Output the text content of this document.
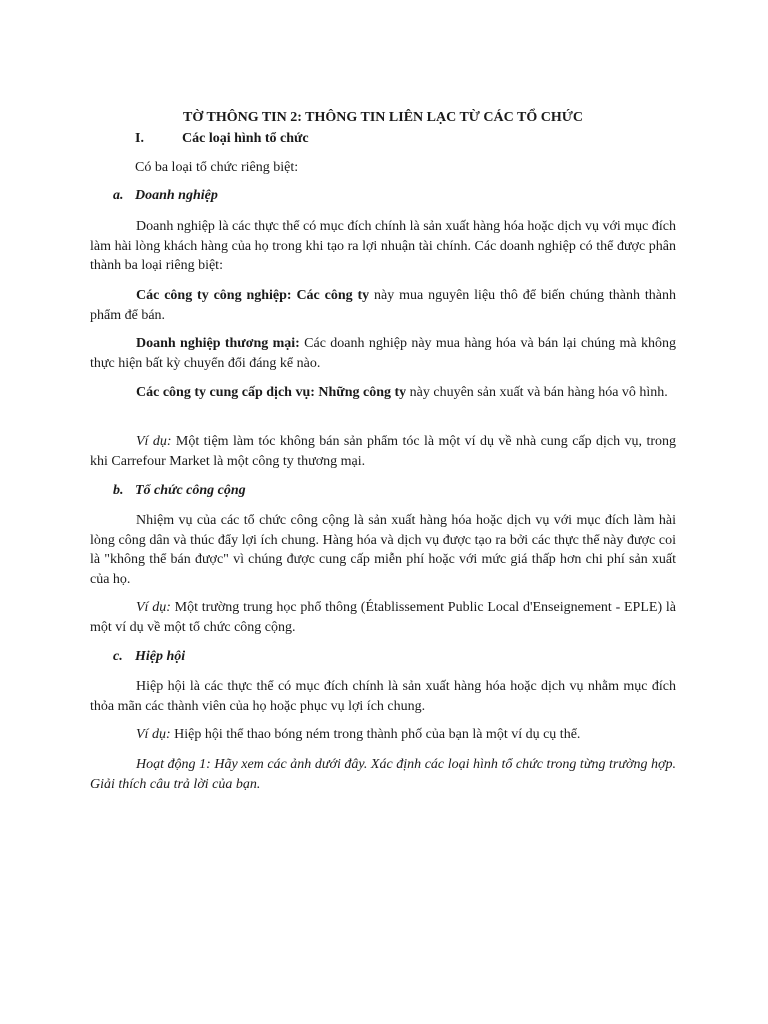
TỜ THÔNG TIN 2: THÔNG TIN LIÊN LẠC TỪ CÁC TỔ CHỨC

I.	Các loại hình tổ chức

Có ba loại tổ chức riêng biệt:

a. Doanh nghiệp

Doanh nghiệp là các thực thể có mục đích chính là sản xuất hàng hóa hoặc dịch vụ với mục đích làm hài lòng khách hàng của họ trong khi tạo ra lợi nhuận tài chính. Các doanh nghiệp có thể được phân thành ba loại riêng biệt:

Các công ty công nghiệp: Các công ty này mua nguyên liệu thô để biến chúng thành thành phẩm để bán.

Doanh nghiệp thương mại: Các doanh nghiệp này mua hàng hóa và bán lại chúng mà không thực hiện bất kỳ chuyển đổi đáng kể nào.

Các công ty cung cấp dịch vụ: Những công ty này chuyên sản xuất và bán hàng hóa vô hình.

Ví dụ: Một tiệm làm tóc không bán sản phẩm tóc là một ví dụ về nhà cung cấp dịch vụ, trong khi Carrefour Market là một công ty thương mại.

b. Tổ chức công cộng

Nhiệm vụ của các tổ chức công cộng là sản xuất hàng hóa hoặc dịch vụ với mục đích làm hài lòng công dân và thúc đẩy lợi ích chung. Hàng hóa và dịch vụ được tạo ra bởi các thực thể này được coi là "không thể bán được" vì chúng được cung cấp miễn phí hoặc với mức giá thấp hơn chi phí sản xuất của họ.

Ví dụ: Một trường trung học phổ thông (Établissement Public Local d'Enseignement - EPLE) là một ví dụ về một tổ chức công cộng.

c. Hiệp hội

Hiệp hội là các thực thể có mục đích chính là sản xuất hàng hóa hoặc dịch vụ nhằm mục đích thỏa mãn các thành viên của họ hoặc phục vụ lợi ích chung.

Ví dụ: Hiệp hội thể thao bóng ném trong thành phố của bạn là một ví dụ cụ thể.

Hoạt động 1: Hãy xem các ảnh dưới đây. Xác định các loại hình tổ chức trong từng trường hợp. Giải thích câu trả lời của bạn.
